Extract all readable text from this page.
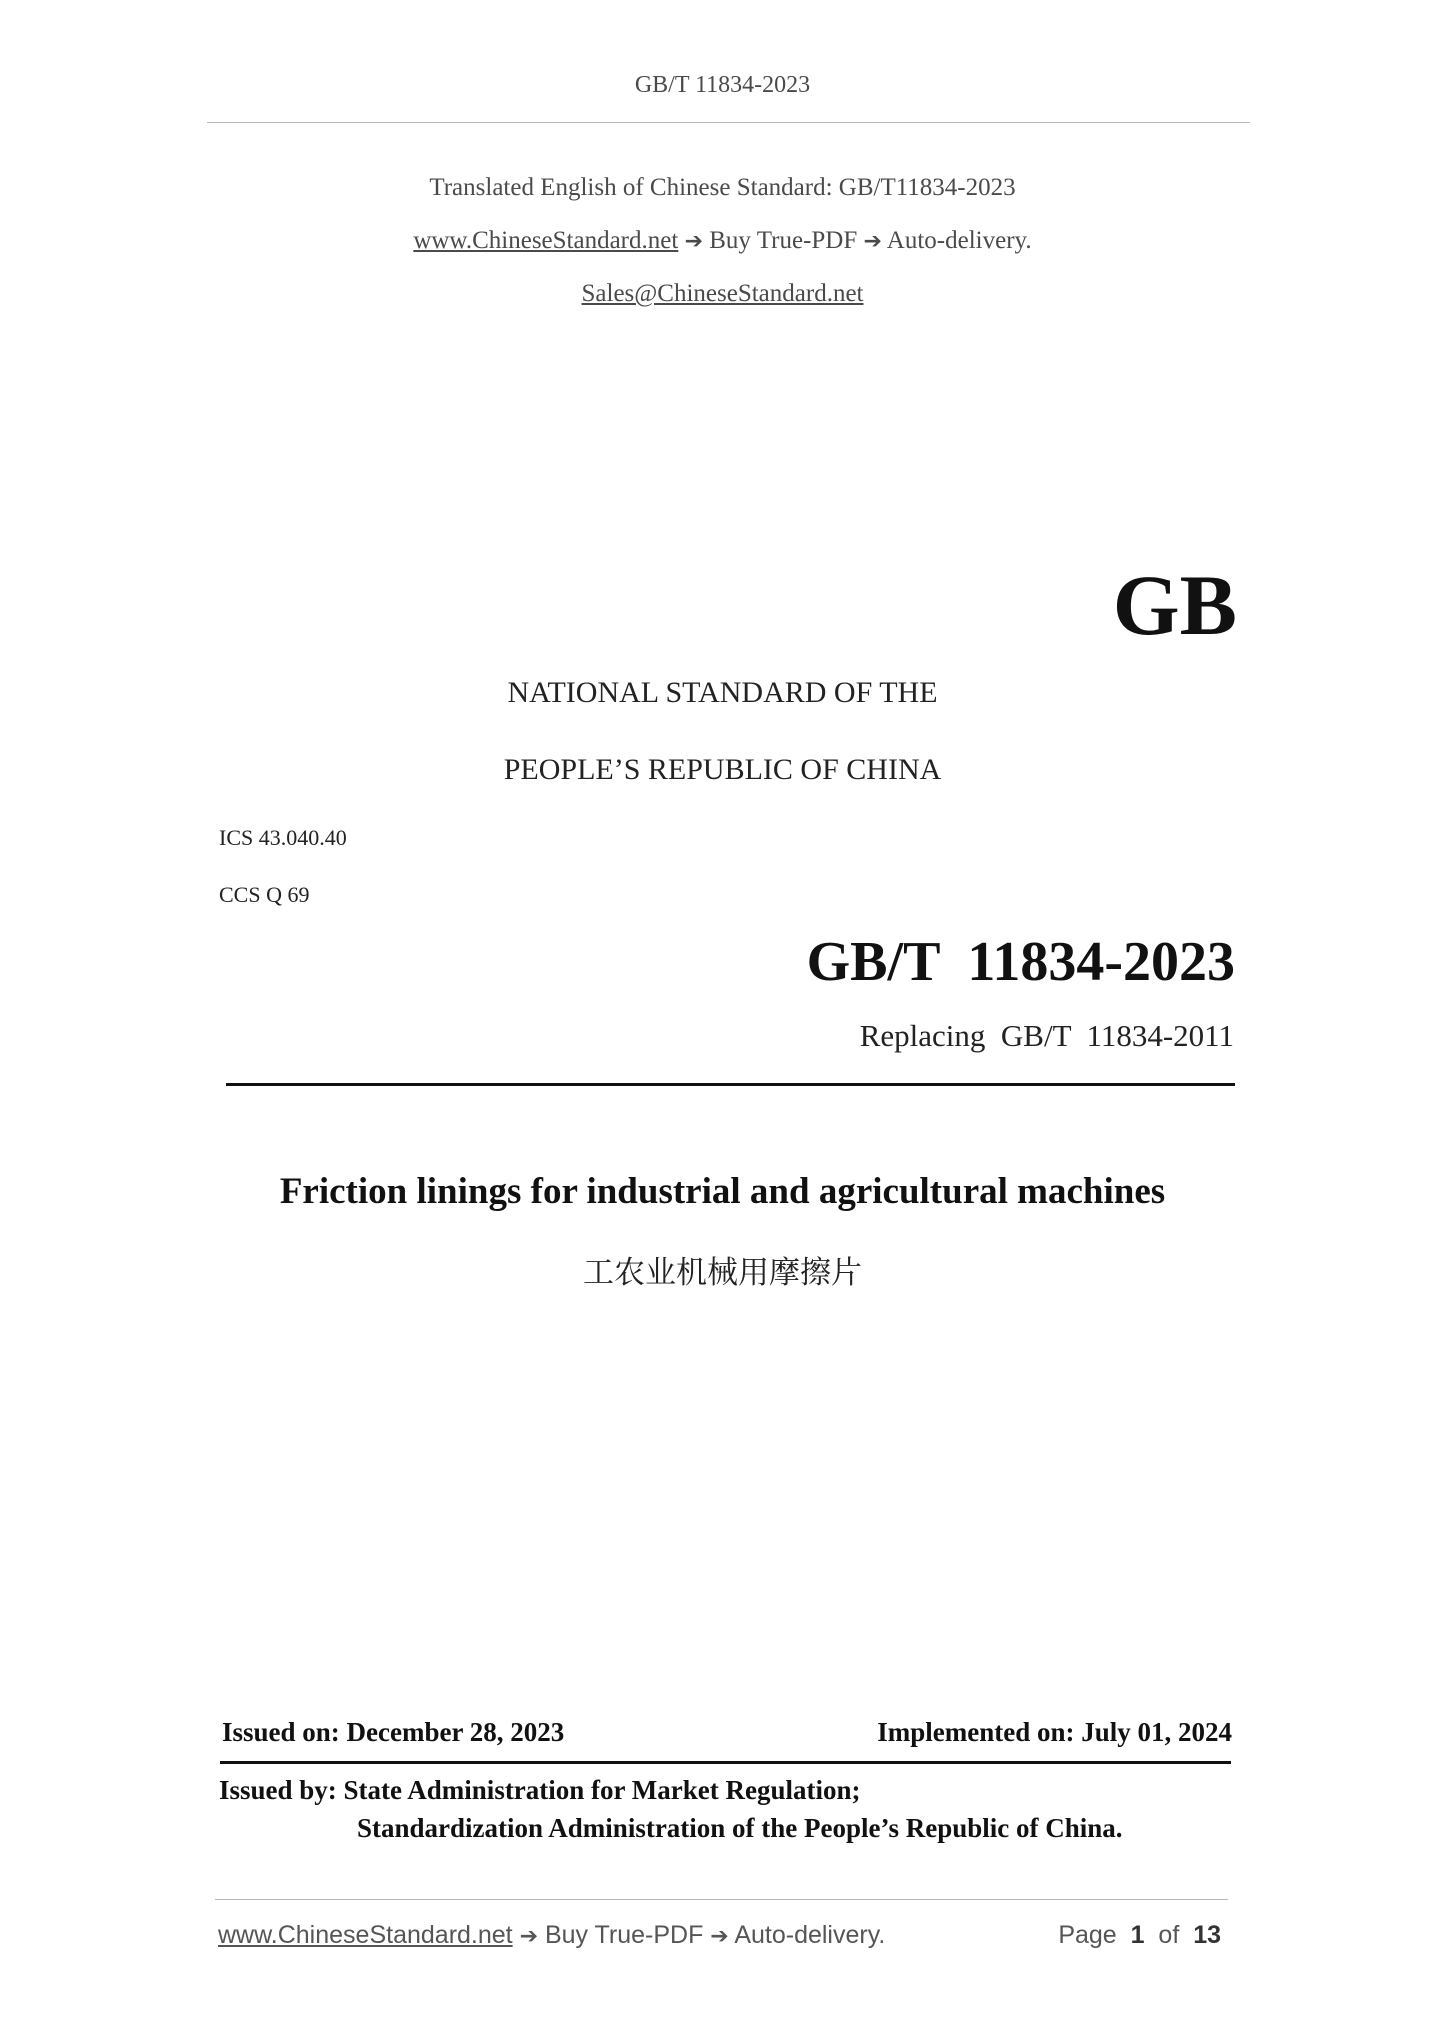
GB/T 11834-2023
Translated English of Chinese Standard: GB/T11834-2023
www.ChineseStandard.net ➔ Buy True-PDF ➔ Auto-delivery.
Sales@ChineseStandard.net
GB
NATIONAL STANDARD OF THE
PEOPLE’S REPUBLIC OF CHINA
ICS 43.040.40
CCS Q 69
GB/T  11834-2023
Replacing  GB/T  11834-2011
Friction linings for industrial and agricultural machines
工农业机械用摩擦片
Issued on: December 28, 2023	Implemented on: July 01, 2024
Issued by: State Administration for Market Regulation;
Standardization Administration of the People’s Republic of China.
www.ChineseStandard.net ➔ Buy True-PDF ➔ Auto-delivery.	Page 1 of 13
